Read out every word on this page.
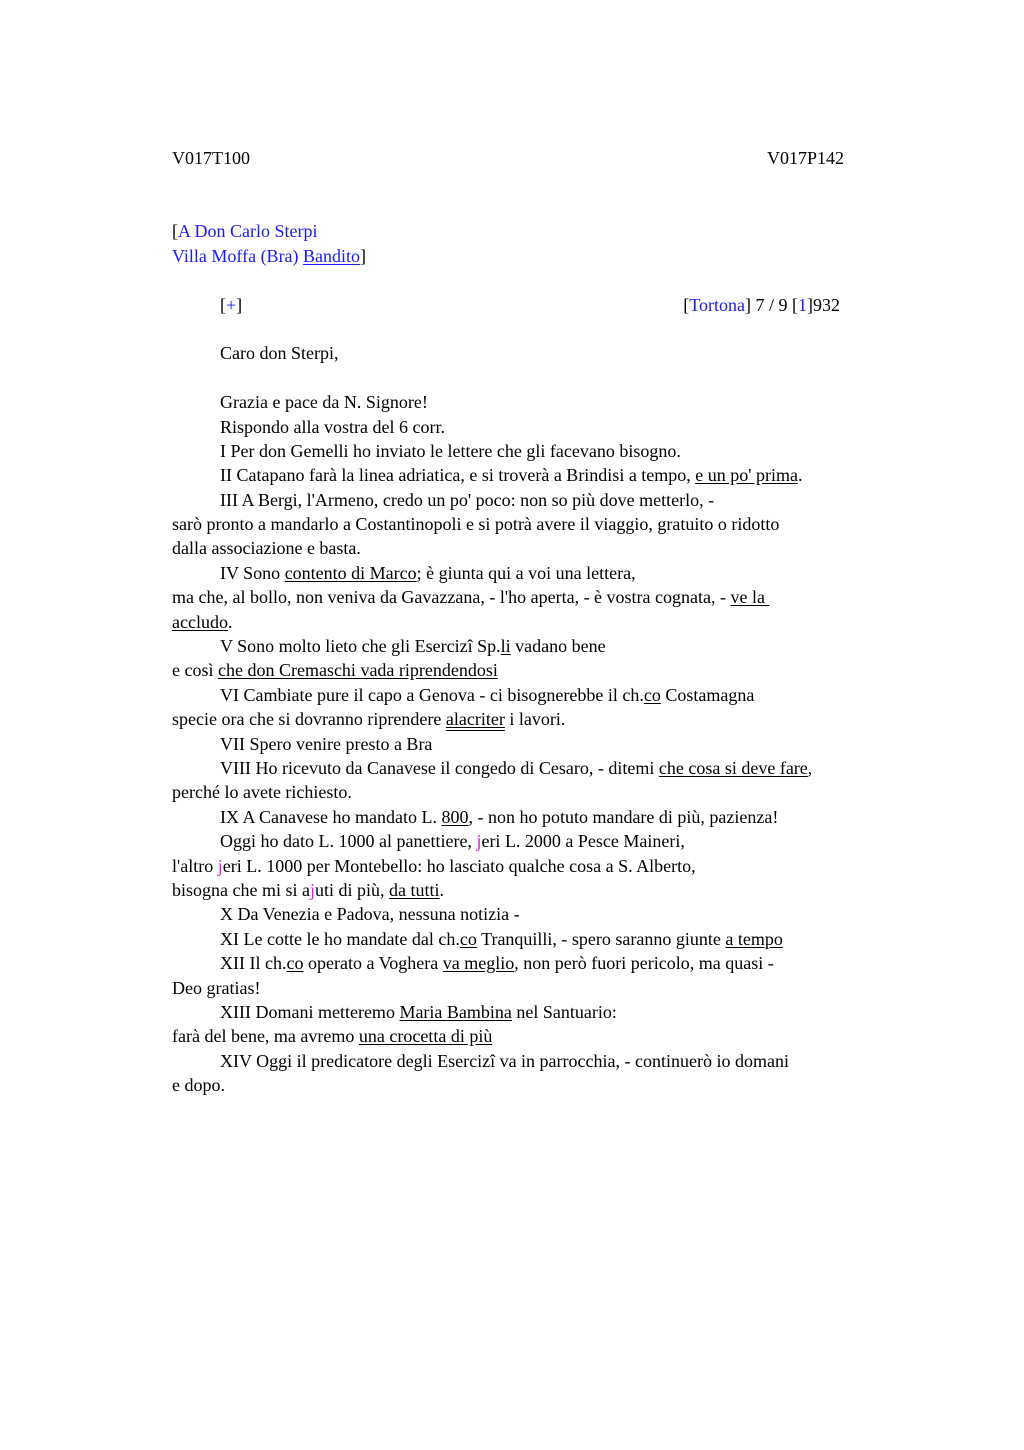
V017T100	V017P142
[A Don Carlo Sterpi
Villa Moffa (Bra) Bandito]
[+]	[Tortona] 7 / 9 [1]932
Caro don Sterpi,
Grazia e pace da N. Signore!
Rispondo alla vostra del 6 corr.
I Per don Gemelli ho inviato le lettere che gli facevano bisogno.
II Catapano farà la linea adriatica, e si troverà a Brindisi a tempo, e un po' prima.
III A Bergi, l'Armeno, credo un po' poco: non so più dove metterlo, -
sarò pronto a mandarlo a Costantinopoli e si potrà avere il viaggio, gratuito o ridotto
dalla associazione e basta.
IV Sono contento di Marco; è giunta qui a voi una lettera,
ma che, al bollo, non veniva da Gavazzana, - l'ho aperta, - è vostra cognata, - ve la
accludo.
V Sono molto lieto che gli Esercizî Sp.li vadano bene
e così che don Cremaschi vada riprendendosi
VI Cambiate pure il capo a Genova - ci bisognerebbe il ch.co Costamagna
specie ora che si dovranno riprendere alacriter i lavori.
VII Spero venire presto a Bra
VIII Ho ricevuto da Canavese il congedo di Cesaro, - ditemi che cosa si deve fare,
perché lo avete richiesto.
IX A Canavese ho mandato L. 800, - non ho potuto mandare di più, pazienza!
Oggi ho dato L. 1000 al panettiere, jeri L. 2000 a Pesce Maineri,
l'altro jeri L. 1000 per Montebello: ho lasciato qualche cosa a S. Alberto,
bisogna che mi si ajuti di più, da tutti.
X Da Venezia e Padova, nessuna notizia -
XI Le cotte le ho mandate dal ch.co Tranquilli, - spero saranno giunte a tempo
XII Il ch.co operato a Voghera va meglio, non però fuori pericolo, ma quasi -
Deo gratias!
XIII Domani metteremo Maria Bambina nel Santuario:
farà del bene, ma avremo una crocetta di più
XIV Oggi il predicatore degli Esercizî va in parrocchia, - continuerò io domani
e dopo.
